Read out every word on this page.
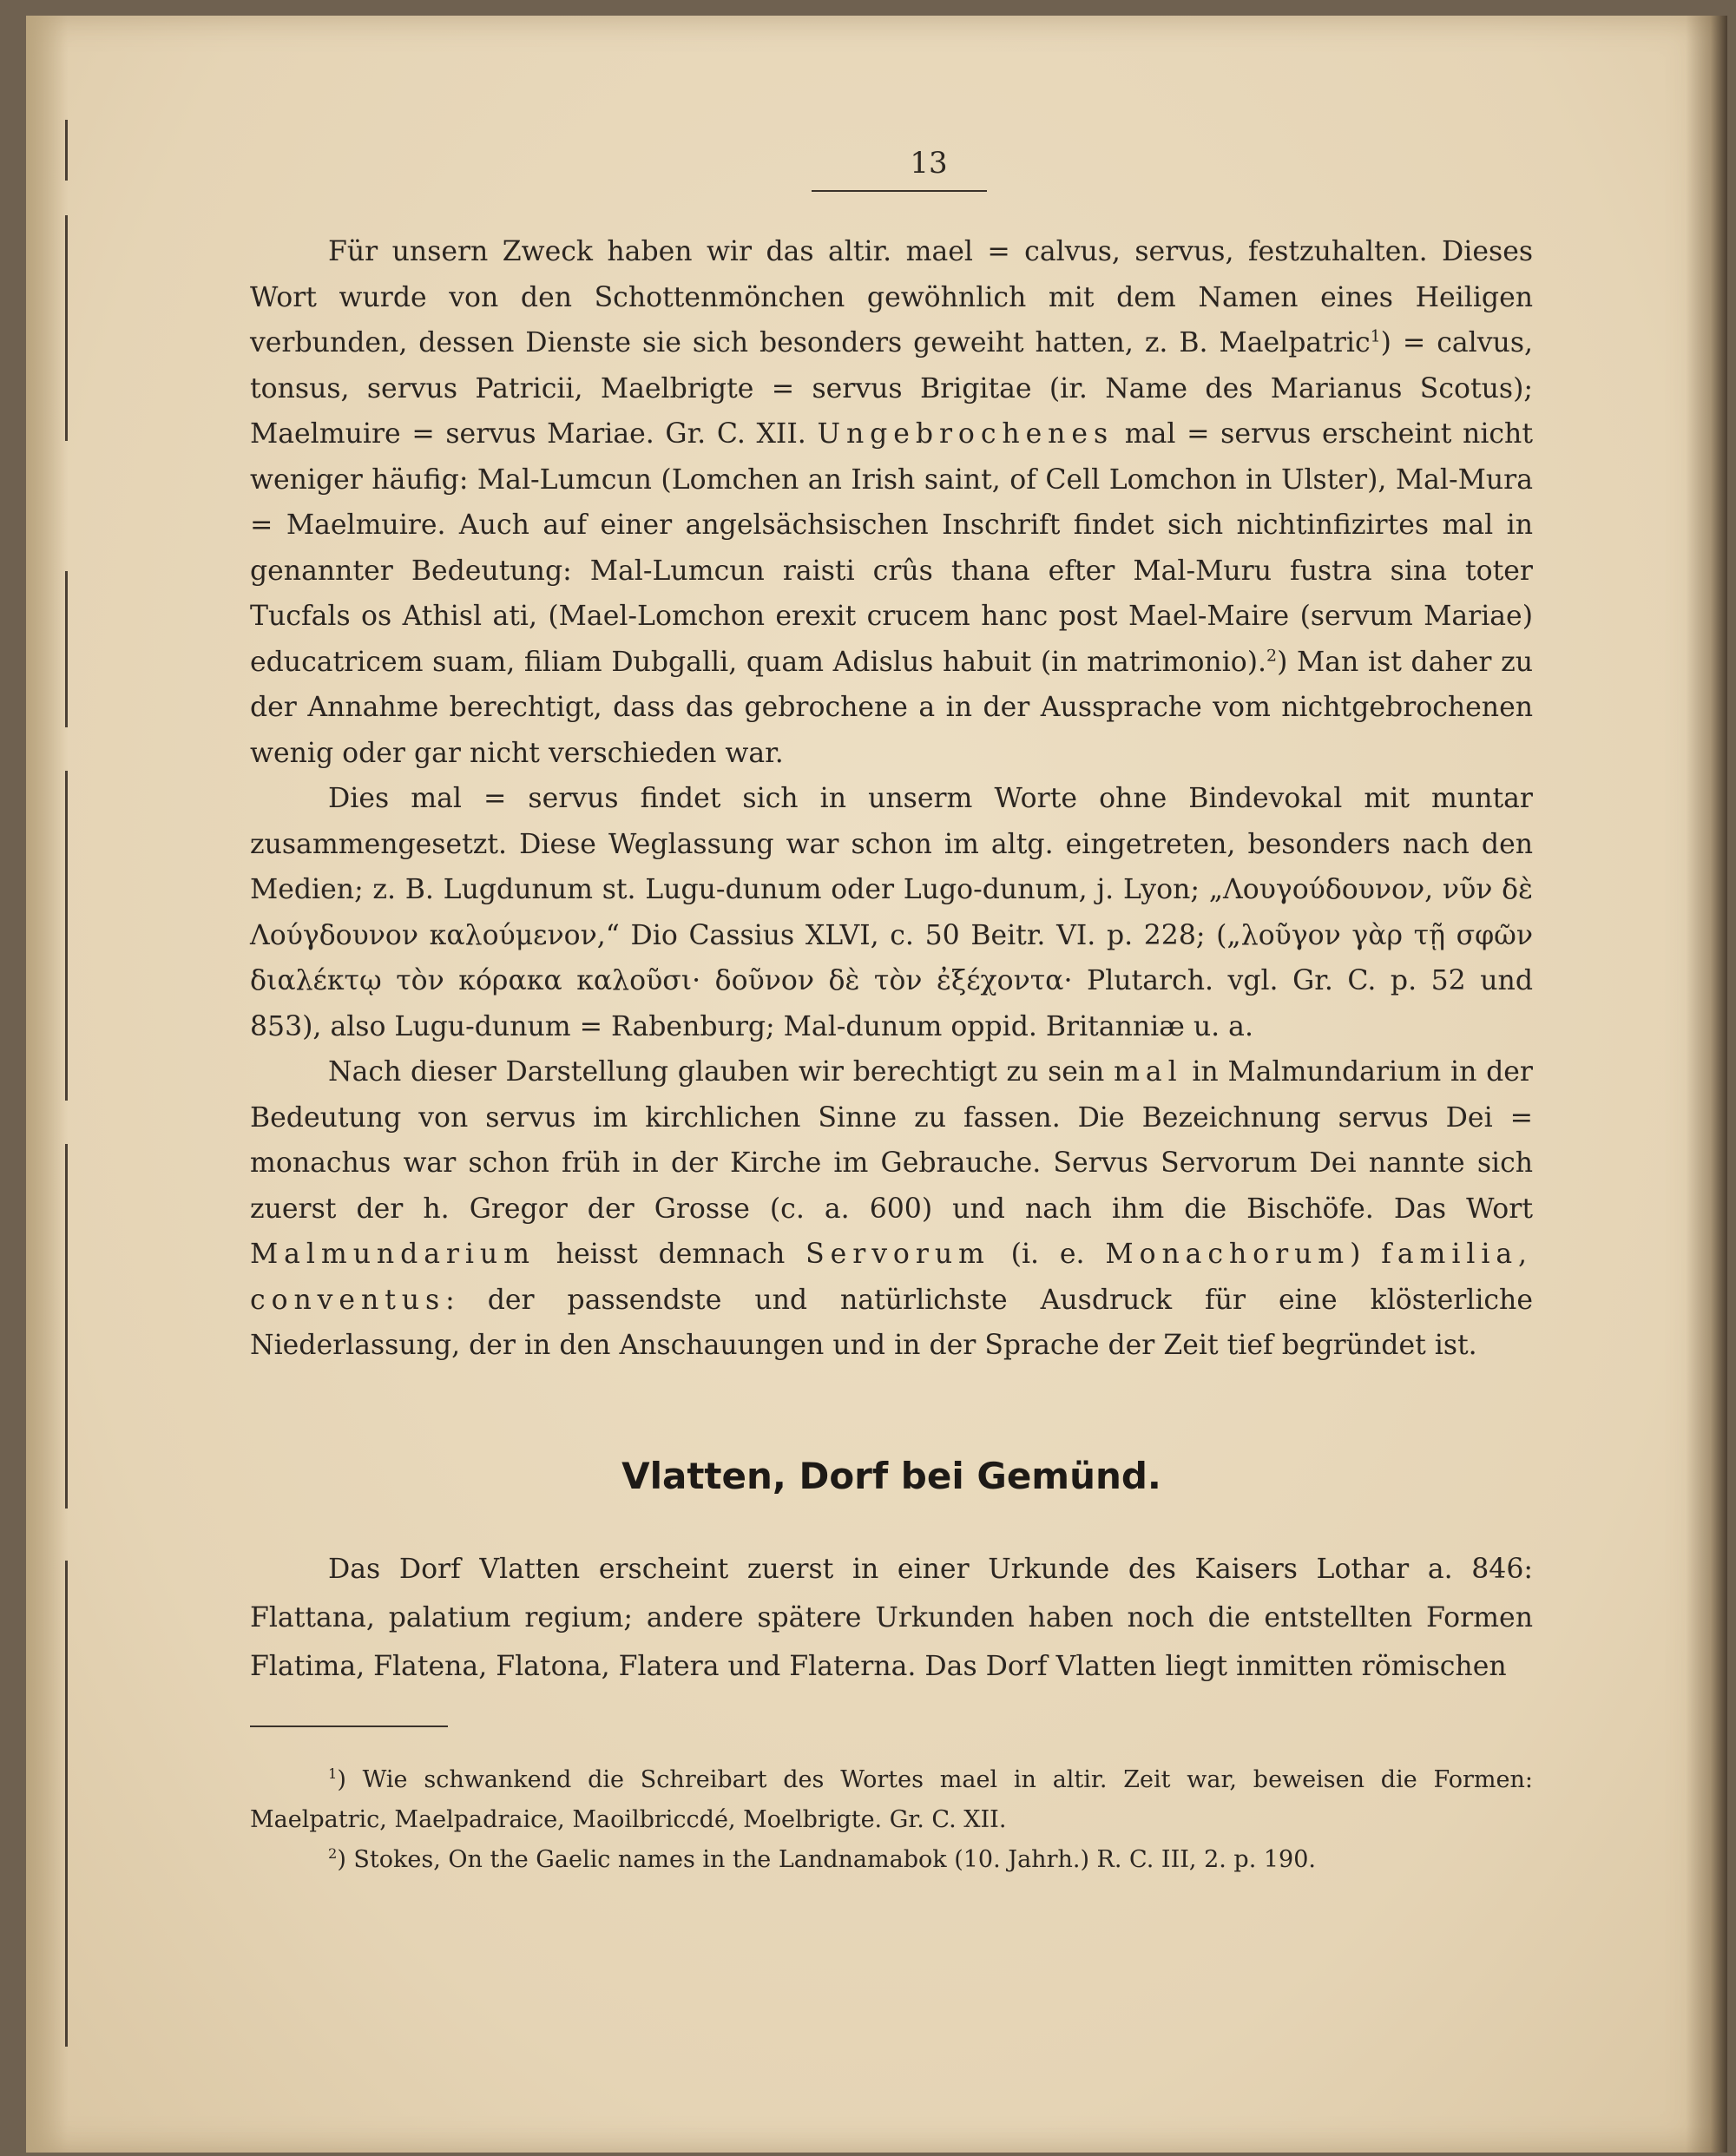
13

Für unsern Zweck haben wir das altir. mael = calvus, servus, festzuhalten. Dieses Wort wurde von den Schottenmönchen gewöhnlich mit dem Namen eines Heiligen verbunden, dessen Dienste sie sich besonders geweiht hatten, z. B. Maelpatric$^1$) = calvus, tonsus, servus Patricii, Maelbrigte = servus Brigitae (ir. Name des Marianus Scotus); Maelmuire = servus Mariae. Gr. C. XII. Ungebrochenes mal = servus erscheint nicht weniger häufig: Mal-Lumcun (Lomchen an Irish saint, of Cell Lomchon in Ulster), Mal-Mura = Maelmuire. Auch auf einer angelsächsischen Inschrift findet sich nichtinfizirtes mal in genannter Bedeutung: Mal-Lumcun raisti crûs thana efter Mal-Muru fustra sina toter Tucfals os Athisl ati, (Mael-Lomchon erexit crucem hanc post Mael-Maire (servum Mariae) educatricem suam, filiam Dubgalli, quam Adislus habuit (in matrimonio).$^2$) Man ist daher zu der Annahme berechtigt, dass das gebrochene a in der Aussprache vom nichtgebrochenen wenig oder gar nicht verschieden war.

Dies mal = servus findet sich in unserm Worte ohne Bindevokal mit muntar zusammengesetzt. Diese Weglassung war schon im altg. eingetreten, besonders nach den Medien; z. B. Lugdunum st. Lugu-dunum oder Lugo-dunum, j. Lyon; „Λουγούδουνον, νῦν δὲ Λούγδουνον καλούμενον,“ Dio Cassius XLVI, c. 50 Beitr. VI. p. 228; („λοῦγον γὰρ τῇ σφῶν διαλέκτῳ τὸν κόρακα καλοῦσι· δοῦνον δὲ τὸν ἐξέχοντα· Plutarch. vgl. Gr. C. p. 52 und 853), also Lugu-dunum = Rabenburg; Mal-dunum oppid. Britanniæ u. a.

Nach dieser Darstellung glauben wir berechtigt zu sein mal in Malmundarium in der Bedeutung von servus im kirchlichen Sinne zu fassen. Die Bezeichnung servus Dei = monachus war schon früh in der Kirche im Gebrauche. Servus Servorum Dei nannte sich zuerst der h. Gregor der Grosse (c. a. 600) und nach ihm die Bischöfe. Das Wort Malmundarium heisst demnach Servorum (i. e. Monachorum) familia, conventus: der passendste und natürlichste Ausdruck für eine klösterliche Niederlassung, der in den Anschauungen und in der Sprache der Zeit tief begründet ist.

Vlatten, Dorf bei Gemünd.

Das Dorf Vlatten erscheint zuerst in einer Urkunde des Kaisers Lothar a. 846: Flattana, palatium regium; andere spätere Urkunden haben noch die entstellten Formen Flatima, Flatena, Flatona, Flatera und Flaterna. Das Dorf Vlatten liegt inmitten römischen

$^1$) Wie schwankend die Schreibart des Wortes mael in altir. Zeit war, beweisen die Formen: Maelpatric, Maelpadraice, Maoilbriccdé, Moelbrigte. Gr. C. XII.

$^2$) Stokes, On the Gaelic names in the Landnamabok (10. Jahrh.) R. C. III, 2. p. 190.
